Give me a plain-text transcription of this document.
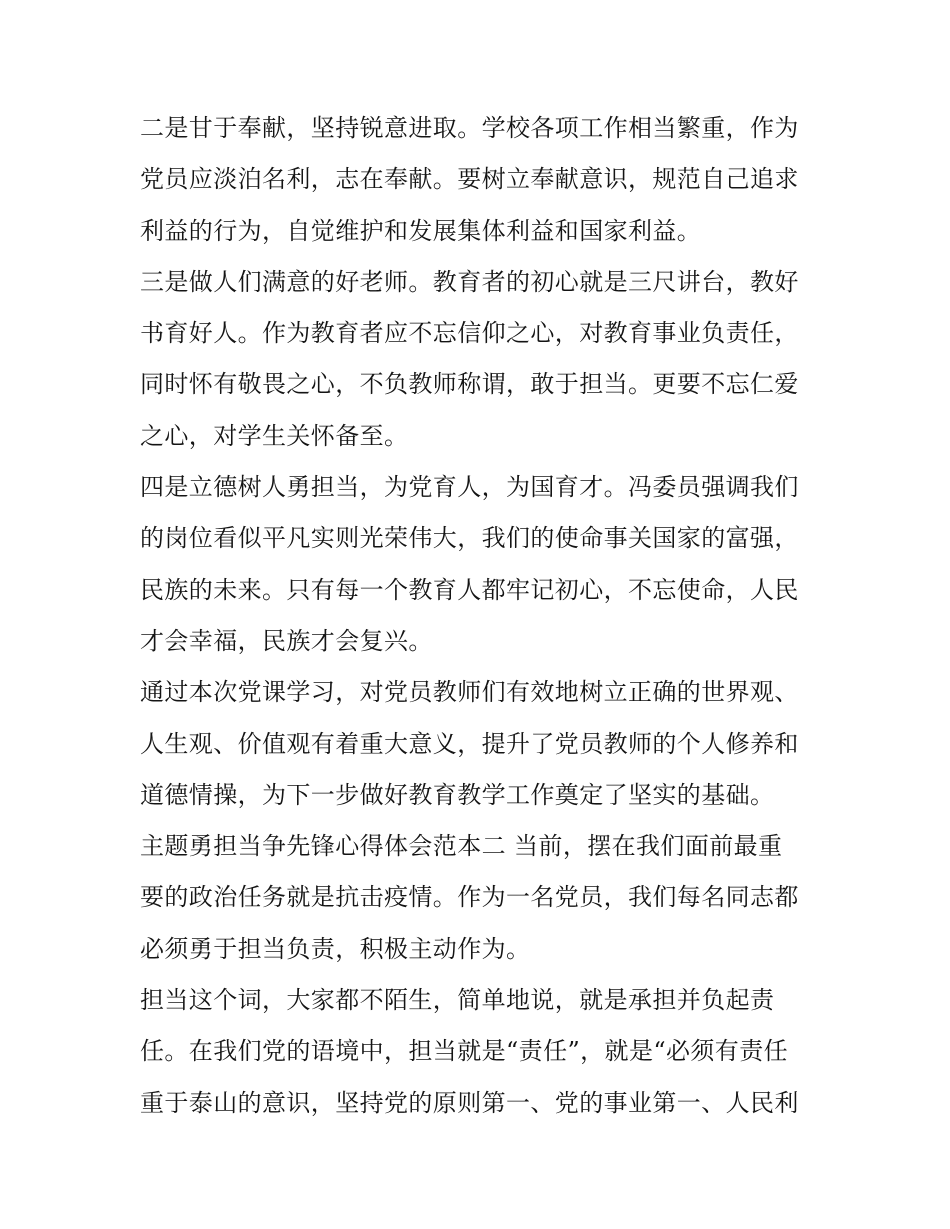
二是甘于奉献，坚持锐意进取。学校各项工作相当繁重，作为
党员应淡泊名利，志在奉献。要树立奉献意识，规范自己追求
利益的行为，自觉维护和发展集体利益和国家利益。
三是做人们满意的好老师。教育者的初心就是三尺讲台，教好
书育好人。作为教育者应不忘信仰之心，对教育事业负责任，
同时怀有敬畏之心，不负教师称谓，敢于担当。更要不忘仁爱
之心，对学生关怀备至。
四是立德树人勇担当，为党育人，为国育才。冯委员强调我们
的岗位看似平凡实则光荣伟大，我们的使命事关国家的富强，
民族的未来。只有每一个教育人都牢记初心，不忘使命，人民
才会幸福，民族才会复兴。
通过本次党课学习，对党员教师们有效地树立正确的世界观、
人生观、价值观有着重大意义，提升了党员教师的个人修养和
道德情操，为下一步做好教育教学工作奠定了坚实的基础。
主题勇担当争先锋心得体会范本二 当前，摆在我们面前最重
要的政治任务就是抗击疫情。作为一名党员，我们每名同志都
必须勇于担当负责，积极主动作为。
担当这个词，大家都不陌生，简单地说，就是承担并负起责
任。在我们党的语境中，担当就是“责任”，就是“必须有责任
重于泰山的意识，坚持党的原则第一、党的事业第一、人民利
